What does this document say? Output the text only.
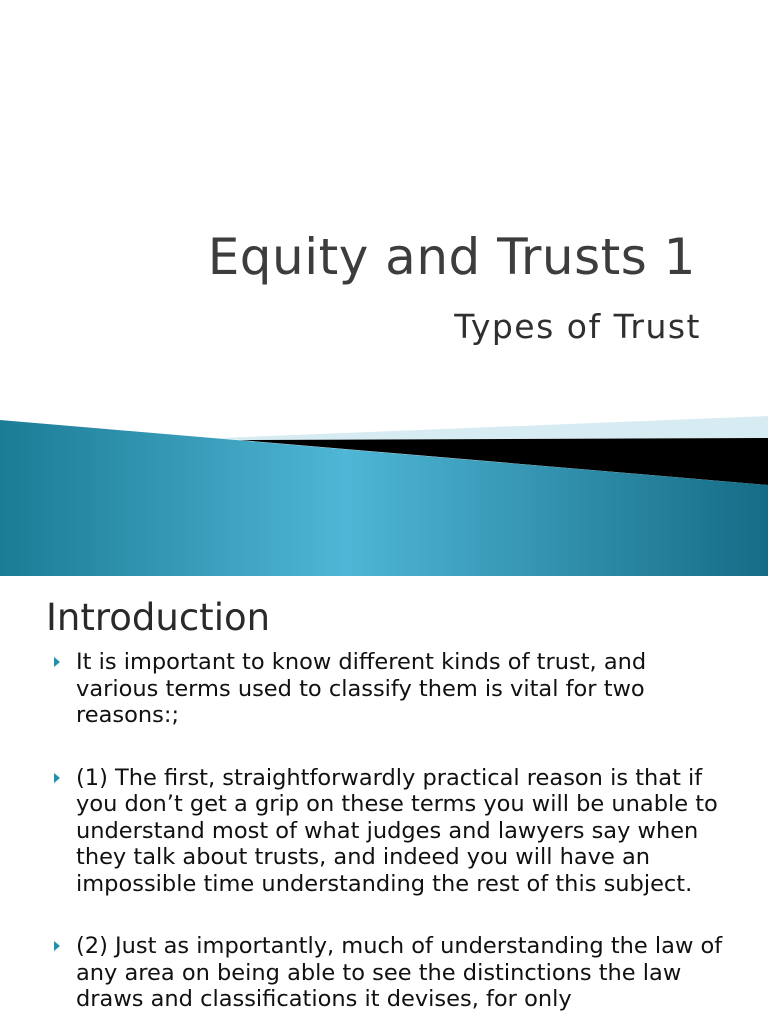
Equity and Trusts 1
Types of Trust
Introduction
It is important to know different kinds of trust, and various terms used to classify them is vital for two reasons:;
(1) The first, straightforwardly practical reason is that if you don’t get a grip on these terms you will be unable to understand most of what judges and lawyers say when they talk about trusts, and indeed you will have an impossible time understanding the rest of this subject.
(2) Just as importantly, much of understanding the law of any area on being able to see the distinctions the law draws and classifications it devises, for only
